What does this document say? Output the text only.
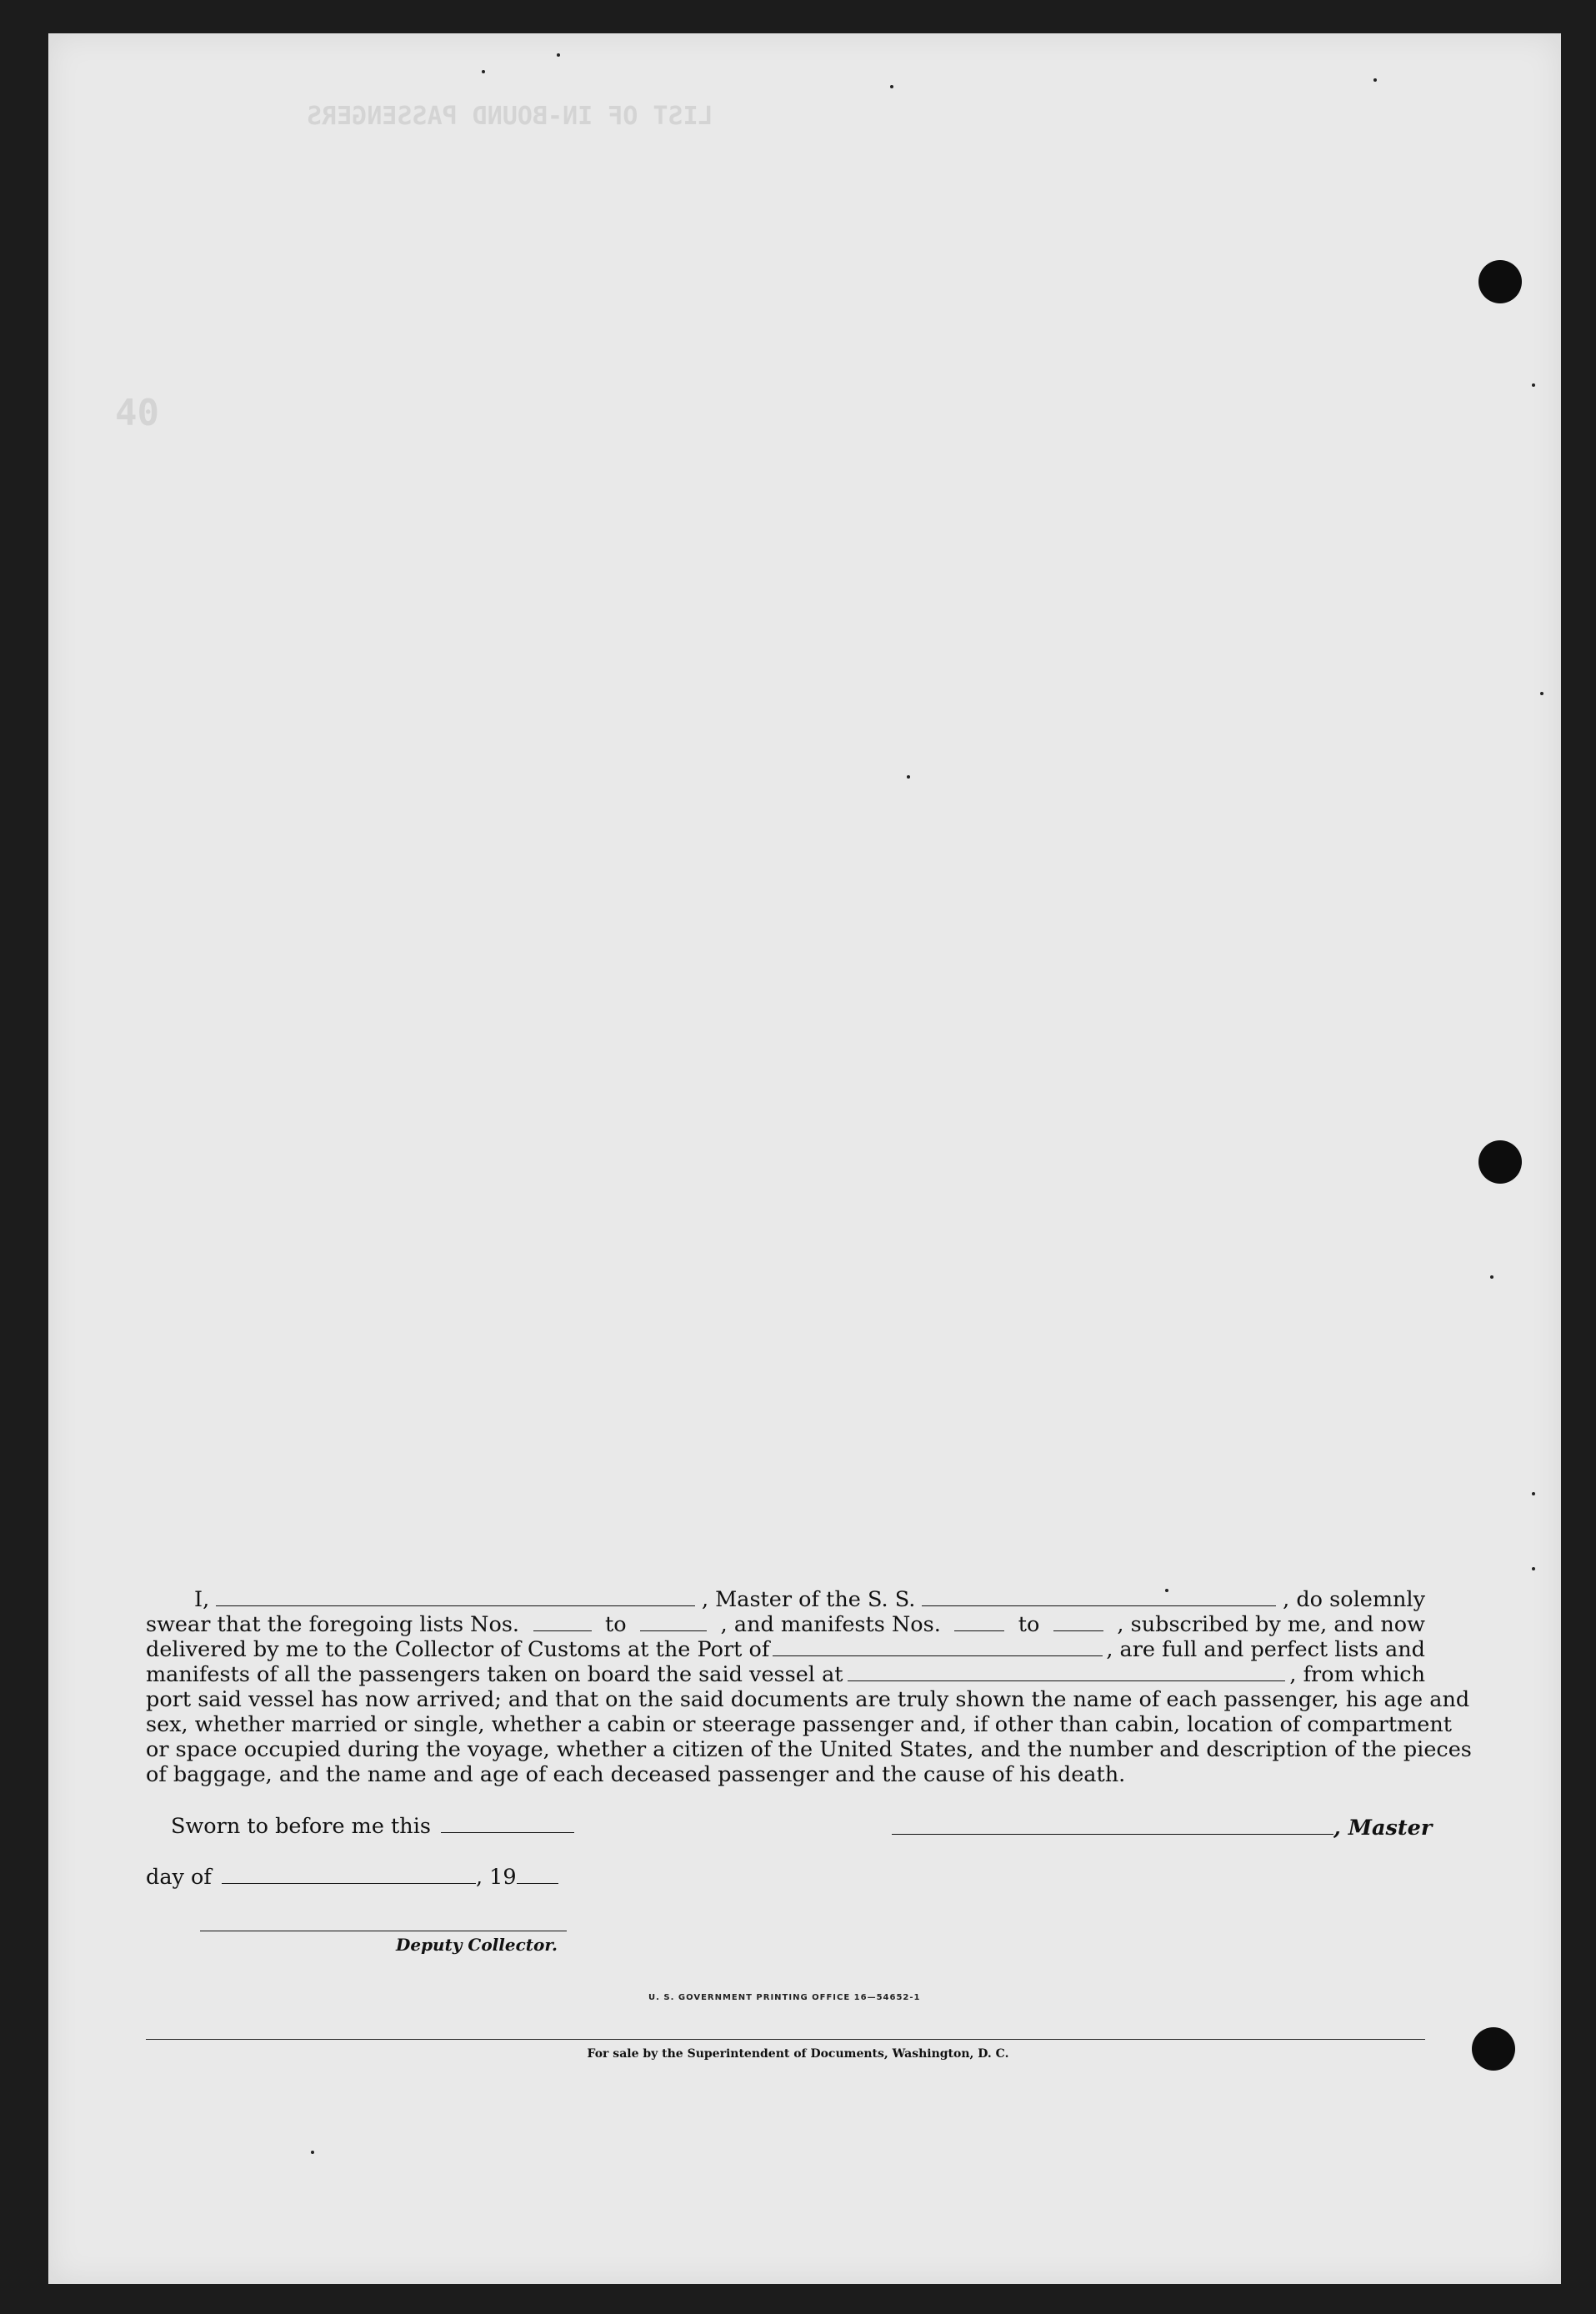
LIST OF IN-BOUND PASSENGERS
40
I,	, Master of the S. S.	, do solemnly
swear that the foregoing lists Nos.	to	, and manifests Nos.	to	, subscribed by me, and now
delivered by me to the Collector of Customs at the Port of	, are full and perfect lists and
manifests of all the passengers taken on board the said vessel at	, from which
port said vessel has now arrived; and that on the said documents are truly shown the name of each passenger, his age and
sex, whether married or single, whether a cabin or steerage passenger and, if other than cabin, location of compartment
or space occupied during the voyage, whether a citizen of the United States, and the number and description of the pieces
of baggage, and the name and age of each deceased passenger and the cause of his death.
Sworn to before me this	, Master
day of	, 19
Deputy Collector.
U. S. GOVERNMENT PRINTING OFFICE 16—54652-1
For sale by the Superintendent of Documents, Washington, D. C.
